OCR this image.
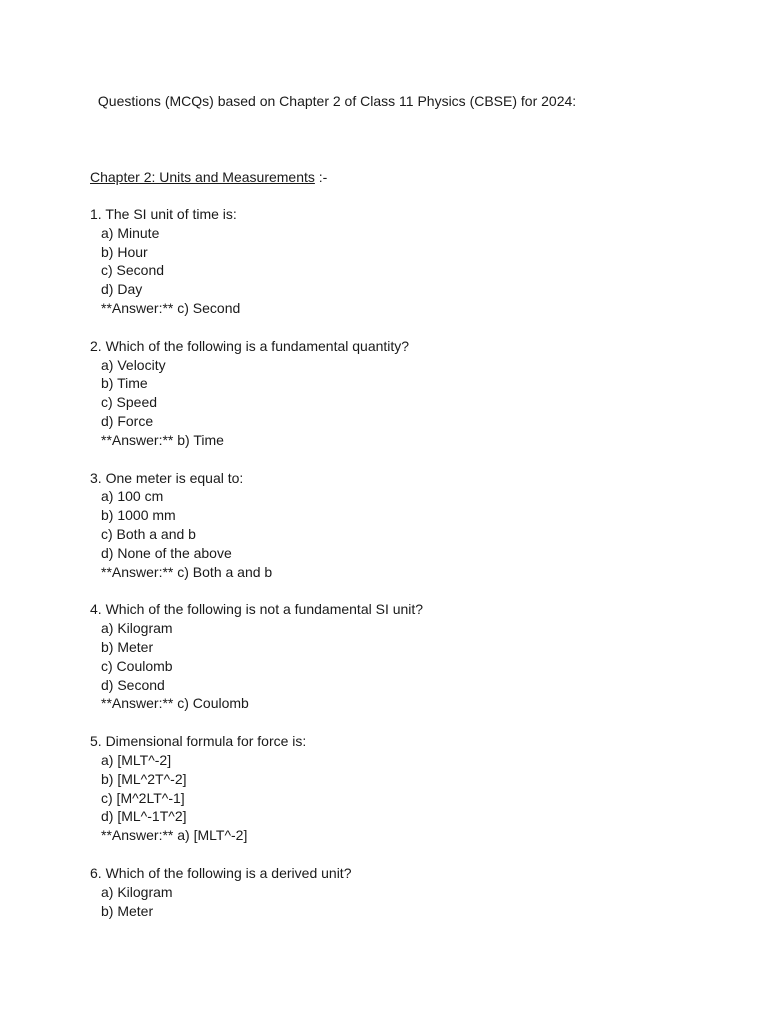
Questions (MCQs) based on Chapter 2 of Class 11 Physics (CBSE) for 2024:
Chapter 2: Units and Measurements :-
1. The SI unit of time is:
a) Minute
b) Hour
c) Second
d) Day
**Answer:** c) Second
2. Which of the following is a fundamental quantity?
a) Velocity
b) Time
c) Speed
d) Force
**Answer:** b) Time
3. One meter is equal to:
a) 100 cm
b) 1000 mm
c) Both a and b
d) None of the above
**Answer:** c) Both a and b
4. Which of the following is not a fundamental SI unit?
a) Kilogram
b) Meter
c) Coulomb
d) Second
**Answer:** c) Coulomb
5. Dimensional formula for force is:
a) [MLT^-2]
b) [ML^2T^-2]
c) [M^2LT^-1]
d) [ML^-1T^2]
**Answer:** a) [MLT^-2]
6. Which of the following is a derived unit?
a) Kilogram
b) Meter
